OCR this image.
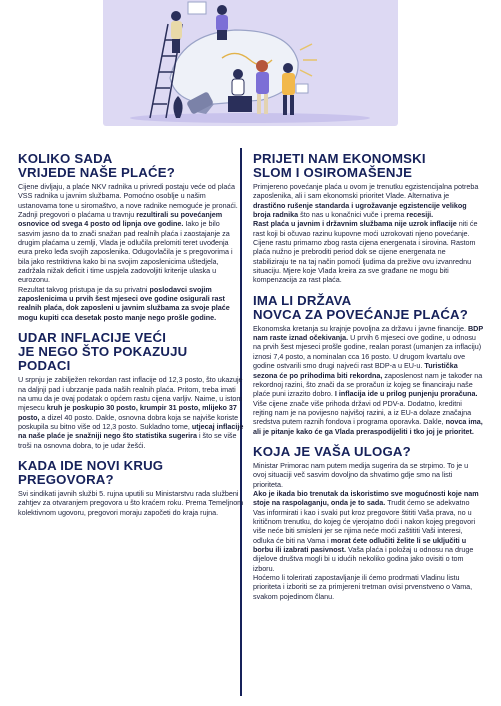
KOLIKO SADA
VRIJEDE NAŠE PLAĆE?

Cijene divljaju, a plaće NKV radnika u privredi postaju veće od plaća VSS radnika u javnim službama. Pomoćno osoblje u našim ustanovama tone u siromaštvo, a nove radnike nemoguće je pronaći. Zadnji pregovori o plaćama u travnju rezultirali su povećanjem osnovice od svega 4 posto od lipnja ove godine. Iako je bilo sasvim jasno da to znači snažan pad realnih plaća i zaostajanje za drugim plaćama u zemlji, Vlada je odlučila prelomiti teret uvođenja eura preko leđa svojih zaposlenika. Odugovlačila je s pregovorima i bila jako restriktivna kako bi na svojim zaposlenicima uštedjela, zadržala nižak deficit i time uspjela zadovoljiti kriterije ulaska u eurozonu.

Rezultat takvog pristupa je da su privatni poslodavci svojim zaposlenicima u prvih šest mjeseci ove godine osigurali rast realnih plaća, dok zaposleni u javnim službama za svoje plaće mogu kupiti cca desetak posto manje nego prošle godine.

UDAR INFLACIJE VEĆI
JE NEGO ŠTO POKAZUJU
PODACI

U srpnju je zabilježen rekordan rast inflacije od 12,3 posto, što ukazuje na daljnji pad i ubrzanje pada naših realnih plaća. Pritom, treba imati na umu da je ovaj podatak o općem rastu cijena varljiv. Naime, u istom mjesecu kruh je poskupio 30 posto, krumpir 31 posto, mlijeko 37 posto, a dizel 40 posto. Dakle, osnovna dobra koja se najviše koriste poskupila su bitno više od 12,3 posto. Sukladno tome, utjecaj inflacije na naše plaće je snažniji nego što statistika sugerira i što se više troši na osnovna dobra, to je udar žešći.

KADA IDE NOVI KRUG
PREGOVORA?

Svi sindikati javnih službi 5. rujna uputili su Ministarstvu rada službeni zahtjev za otvaranjem pregovora u što kraćem roku. Prema Temeljnom kolektivnom ugovoru, pregovori moraju započeti do kraja rujna.

PRIJETI NAM EKONOMSKI
SLOM I OSIROMAŠENJE

Primjereno povećanje plaća u ovom je trenutku egzistencijalna potreba zaposlenika, ali i sam ekonomski prioritet Vlade. Alternativa je drastično rušenje standarda i ugrožavanje egzistencije velikog broja radnika što nas u konačnici vuče i prema recesiji.

Rast plaća u javnim i državnim službama nije uzrok inflacije niti će rast koji bi očuvao razinu kupovne moći uzrokovati njeno povećanje. Cijene rastu primarno zbog rasta cijena energenata i sirovina. Rastom plaća nužno je prebroditi period dok se cijene energenata ne stabiliziraju te na taj način pomoći ljudima da prežive ovu izvanrednu situaciju. Mjere koje Vlada kreira za sve građane ne mogu biti kompenzacija za rast plaća.

IMA LI DRŽAVA
NOVCA ZA POVEĆANJE PLAĆA?

Ekonomska kretanja su krajnje povoljna za državu i javne financije. BDP nam raste iznad očekivanja. U prvih 6 mjeseci ove godine, u odnosu na prvih šest mjeseci prošle godine, realan porast (umanjen za inflaciju) iznosi 7,4 posto, a nominalan cca 16 posto. U drugom kvartalu ove godine ostvarili smo drugi najveći rast BDP-a u EU-u. Turistička sezona će po prihodima biti rekordna, zaposlenost nam je također na rekordnoj razini, što znači da se proračun iz kojeg se financiraju naše plaće puni izrazito dobro. I inflacija ide u prilog punjenju proračuna. Više cijene znače više prihoda državi od PDV-a. Dodatno, kreditni rejting nam je na povijesno najvišoj razini, a iz EU-a dolaze značajna sredstva putem raznih fondova i programa oporavka. Dakle, novca ima, ali je pitanje kako će ga Vlada preraspodijeliti i tko joj je prioritet.

KOJA JE VAŠA ULOGA?

Ministar Primorac nam putem medija sugerira da se strpimo. To je u ovoj situaciji več sasvim dovoljno da shvatimo gdje smo na listi prioriteta.

Ako je ikada bio trenutak da iskoristimo sve mogućnosti koje nam stoje na raspolaganju, onda je to sada. Trudit ćemo se adekvatno Vas informirati i kao i svaki put kroz pregovore štititi Vaša prava, no u kritičnom trenutku, do kojeg će vjerojatno doći i nakon kojeg pregovori više neće biti smisleni jer se njima neće moći zaštititi Vaši interesi, odluka će biti na Vama i morat ćete odlučiti želite li se uključiti u borbu ili izabrati pasivnost. Vaša plaća i položaj u odnosu na druge dijelove društva mogli bi u idućih nekoliko godina jako ovisiti o tom izboru.

Hoćemo li tolerirati zapostavljanje ili ćemo prodrmati Vladinu listu prioriteta i izboriti se za primjereni tretman ovisi prvenstveno o Vama, svakom pojedinom članu.
